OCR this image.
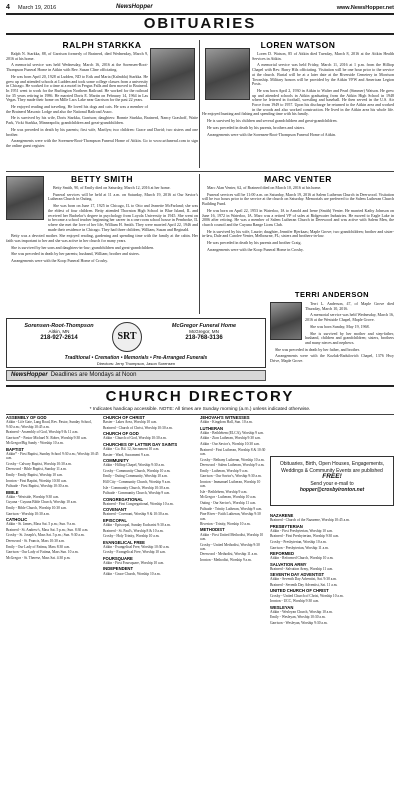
4 March 19, 2016	NewsHopper	www.NewsHopper.net
OBITUARIES
RALPH STARKKA

Ralph N. Starkka, 88, of Garrison formerly of Brainerd, died Wednesday, March 9, 2016 at his home.

A memorial service was held Wednesday, March 16, 2016 at the Sorensen-Root-Thompson Funeral Home in Aitkin with Rev. Susan Cline officiating.

He was born April 20, 1928 at Ludden, ND to Erik and Maria (Kalmbla) Starkka. He grew up and attended schools at Ludden and took some college classes from a university in Chicago. He worked for a time at a motel in Fergus Falls and then moved to Brainerd. In 1951 went to work for the Burlington Northern Railroad. He worked for the railroad for 35 years retiring in 1986. He married Doris E. Martin on February 14, 1964 in Las Vegas. They made their home on Mille Lacs Lake near Garrison for the past 22 years.

He enjoyed reading and traveling. He loved his dogs and cats. He was a member of the Brainerd Masonic Lodge and also the National Railroad Assoc.

He is survived by his wife, Doris Starkka, Garrison; daughters: Bonnie Starkka, Brainerd, Nancy Grashoff, Waite Park, Vicki Starkka, Minneapolis; grandchildren and great-grandchildren.

He was preceded in death by his parents; first wife, Marilyn; two children: Grace and David; two sisters and one brother.

Arrangements were with the Sorensen-Root-Thompson Funeral Home of Aitkin. Go to www.srtfuneral.com to sign the online guest register.

LOREN WATSON

Loren D. Watson, 85 of Aitkin died Tuesday, March 8, 2016 at the Aitkin Health Services in Aitkin.

A memorial service was held Friday, March 11, 2016 at 1 p.m. from the Hilltop Chapel with Rev. Barry Hils officiating. Visitation will be one hour prior to the service at the church. Burial will be at a later date at the Riverside Cemetery in Morrison Township. Military honors will be provided by the Aitkin VFW and American Legion Posts.

He was born April 2, 1930 in Aitkin to Walter and Pearl (Simmer) Watson. He grew up and attended schools in Aitkin graduating from the Aitkin High School in 1948 where he lettered in football, wrestling and baseball. He then served in the U.S. Air Force from 1949 to 1957. Upon his discharge he returned to the Aitkin area and worked in the woods and also worked construction. He lived in the Aitkin area his whole life. He enjoyed hunting and fishing and spending time with his family.

He is survived by his children and several grandchildren and great-grandchildren.

He was preceded in death by his parents, brothers and sisters.

Arrangements were with the Sorensen-Root-Thompson Funeral Home of Aitkin.

BETTY SMITH

Betty Smith, 90, of Emily died on Saturday, March 12, 2016 at her home.

Funeral services will be held at 11 a.m. on Saturday, March 19, 2016 at Our Savior's Lutheran Church in Outing.

She was born on June 17, 1925 in Chicago, IL to Otto and Jeanette McFarland; she was the eldest of four children. Betty attended Thornton High School in Blue Island, IL and received her Bachelor's degree in psychology from Loyola University in 1945. She went on to become a school teacher beginning her career in a one room school house in Pembroke, IL where she met the love of her life, William H. Smith. They were married April 22, 1946 and made their residence in Chicago. They had three children, William, Susan and Reginald.

Betty was a devoted mother. She enjoyed reading, gardening and spending time with the family at the cabin. Her faith was important to her and she was active in her church for many years.

She is survived by her sons and daughters-in-law; grandchildren and great-grandchildren.

She was preceded in death by her parents; husband, William; brother and sisters.

Arrangements were with the Koop Funeral Home of Crosby.

MARC VENTER

Marc Alan Venter, 62, of Brainerd died on March 10, 2016 at his home.

Funeral services will be 11:00 a.m. on Saturday, March 19, 2016 at Salem Lutheran Church in Deerwood. Visitation will be two hours prior to the service at the church on Saturday. Memorials are preferred to the Salem Lutheran Church Building Fund.

He was born on April 22, 1953 in Waterloo, IA to Arnold and Irene (Smith) Venter. He married Kathy Johnson on June 16, 1972 in Waterloo, IA. Marc was a retired VP of sales at Ridgewater Industries. He moved to Eagle Lake in 2006 after retiring. He was a member of Salem Lutheran Church in Deerwood and was active with Salem Men, the church council and the Cuyuna Range Lions Club.

He is survived by his wife, Laurie; daughter, Jennifer Bjerkaas; Maple Grove; two grandchildren; brother and sister-in-law, Dale and Carolee Venter, Melbourne, FL; sisters and brothers-in-law.

He was preceded in death by his parents and brother Craig.

Arrangements were with the Koop Funeral Home in Crosby.

TERRI ANDERSON

Terri L. Anderson, 47, of Maple Grove died Thursday, March 10, 2016.

A memorial service was held Wednesday, March 16, 2016 at the Westside Chapel, Maple Grove.

She was born Sunday, May 19, 1968.

She is survived by her mother and step-father, husband, children and grandchildren; sisters, brothers and many nieces and nephews.

She was preceded in death by her father, and brother.

Arrangements were with the Kozlak-Radulovich Chapel, 1376 Hwy Drive, Maple Grove.

Sorensen-Root-Thompson
Aitkin, MN
218-927-2614	SRT
McGregor Funeral Home
McGregor, MN
218-768-3136
Traditional • Cremation • Memorials • Pre-Arranged Funerals
Directors: Jerry Thompson, Jason Sorensen
NewsHopper Deadlines are Mondays at Noon
Obituaries, Birth, Open Houses, Engagements, Weddings & Community Events are published
FREE!
Send your e-mail to
hopper@crosbyironton.net
CHURCH DIRECTORY
* Indicates handicap accessible. NOTE: All times are Sunday morning (a.m.) unless indicated otherwise.
ASSEMBLY OF GOD

Aitkin - Life Gate, Lang Road, Rev. Pastor, Sunday School, 9:30 a.m.; Worship 10:45 a.m.

Brainerd - Assembly of God, Worship 9 & 11 a.m.

Garrison* - Pastor Michael N. Rober, Worship 9:30 a.m.

McGregor/Big Sandy - Worship 10 a.m.

BAPTIST

Aitkin* - First Baptist, Sunday School 9:30 a.m.; Worship 10:45 a.m.

Crosby - Calvary Baptist, Worship 10:30 a.m.

Deerwood - Bible Baptist, Sunday 11 a.m.

Emily - Emily Baptist, Worship 10 a.m.

Ironton - First Baptist, Worship 10:30 a.m.

Palisade - First Baptist, Worship 10:30 a.m.

BIBLE

Aitkin - Westside, Worship 9:30 a.m.

Cuyuna - Cuyuna Bible Church, Worship 10 a.m.

Emily - Bible Church, Worship 10:30 a.m.

Garrison - Worship 10:30 a.m.

CATHOLIC

Aitkin - St. James, Mass Sat. 5 p.m.; Sun. 9 a.m.

Brainerd - St. Andrew's, Mass Sat. 5 p.m.; Sun. 8:30 a.m.

Crosby - St. Joseph's, Mass Sat. 5 p.m.; Sun. 9:30 a.m.

Deerwood - St. Francis, Mass 10:30 a.m.

Emily - Our Lady of Fatima, Mass 8:30 a.m.

Garrison - Our Lady of Fatima, Mass Sun. 10 a.m.

McGregor - St. Therese, Mass Sat. 4:30 p.m.

CHURCH OF CHRIST

Baxter - Lakes Area, Worship 10 a.m.

Brainerd - Church of Christ, Worship 10:30 a.m.

CHURCH OF GOD

Aitkin - Church of God, Worship 10:30 a.m.

CHURCHES OF LATTER DAY SAINTS

Aitkin - Co. Rd. 12, Sacrament 10 a.m.

Baxter - Ward, Sacrament 9 a.m.

COMMUNITY

Aitkin - Hilltop Chapel, Worship 9:30 a.m.

Crosby - Community Church, Worship 10 a.m.

Emily - Outing Community, Worship 10 a.m.

Hill City - Community Church, Worship 9 a.m.

Isle - Community Church, Worship 10:30 a.m.

Palisade - Community Church, Worship 9 a.m.

CONGREGATIONAL

Brainerd - First Congregational, Worship 10 a.m.

COVENANT

Brainerd - Covenant, Worship 9 & 10:30 a.m.

EPISCOPAL

Aitkin - Episcopal, Sunday Eucharist 9:30 a.m.

Brainerd - St. Paul's, Worship 8 & 10 a.m.

Crosby - Holy Trinity, Worship 10 a.m.

EVANGELICAL FREE

Aitkin - Evangelical Free, Worship 10:30 a.m.

Crosby - Evangelical Free, Worship 10 a.m.

FOURSQUARE

Aitkin - First Foursquare, Worship 10 a.m.

INDEPENDENT

Aitkin - Grace Church, Worship 10 a.m.

JEHOVAH'S WITNESSES

Aitkin - Kingdom Hall, Sun. 10 a.m.

LUTHERAN

Aitkin - Bethlehem (ELCA), Worship 9 a.m.

Aitkin - Zion Lutheran, Worship 9:30 a.m.

Aitkin - Our Savior's, Worship 10:30 a.m.

Brainerd - First Lutheran, Worship 8 & 10:30 a.m.

Crosby - Bethany Lutheran, Worship 10 a.m.

Deerwood - Salem Lutheran, Worship 9 a.m.

Emily - Lutheran, Worship 9 a.m.

Garrison - Our Savior's, Worship 9:30 a.m.

Ironton - Immanuel Lutheran, Worship 10 a.m.

Isle - Bethlehem, Worship 9 a.m.

McGregor - Lutheran, Worship 10 a.m.

Outing - Our Savior's, Worship 11 a.m.

Palisade - Trinity Lutheran, Worship 9 a.m.

Pine River - Faith Lutheran, Worship 9:30 a.m.

Riverton - Trinity, Worship 10 a.m.

METHODIST

Aitkin - First United Methodist, Worship 10 a.m.

Crosby - United Methodist, Worship 9:30 a.m.

Deerwood - Methodist, Worship 11 a.m.

Ironton - Methodist, Worship 9 a.m.

NAZARENE

Brainerd - Church of the Nazarene, Worship 10:45 a.m.

PRESBYTERIAN

Aitkin - First Presbyterian, Worship 10 a.m.

Brainerd - First Presbyterian, Worship 9:30 a.m.

Crosby - Presbyterian, Worship 10 a.m.

Garrison - Presbyterian, Worship 11 a.m.

REFORMED

Aitkin - Reformed Church, Worship 10 a.m.

SALVATION ARMY

Brainerd - Salvation Army, Worship 11 a.m.

SEVENTH DAY ADVENTIST

Aitkin - Seventh Day Adventist, Sat. 9:30 a.m.

Brainerd - Seventh Day Adventist, Sat. 11 a.m.

UNITED CHURCH OF CHRIST

Crosby - United Church of Christ, Worship 10 a.m.

Ironton - UCC, Worship 9:30 a.m.

WESLEYAN

Aitkin - Wesleyan Church, Worship 10 a.m.

Emily - Wesleyan, Worship 10:30 a.m.

Garrison - Wesleyan, Worship 9:30 a.m.
